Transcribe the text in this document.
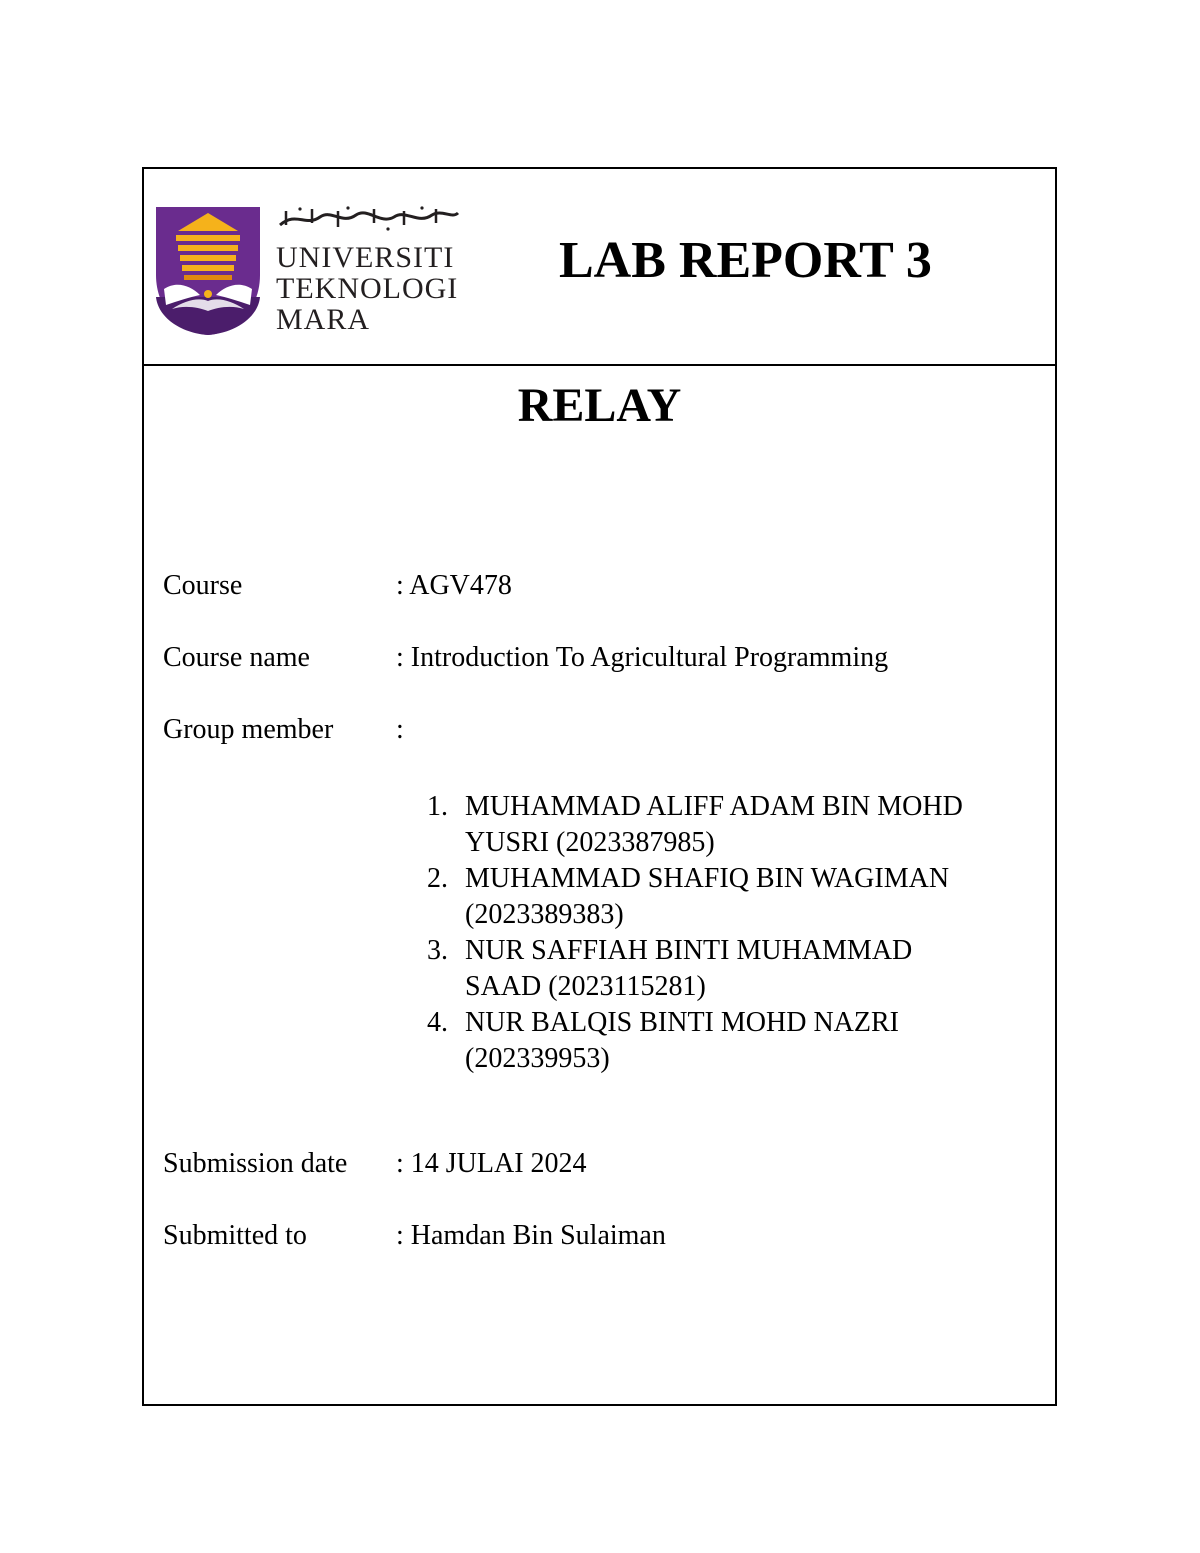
UNIVERSITI
TEKNOLOGI
MARA
LAB REPORT 3
RELAY
Course	: AGV478
Course name	: Introduction To Agricultural Programming
Group member :
1. MUHAMMAD ALIFF ADAM BIN MOHD
YUSRI (2023387985)
2. MUHAMMAD SHAFIQ BIN WAGIMAN
(2023389383)
3. NUR SAFFIAH BINTI MUHAMMAD
SAAD (2023115281)
4. NUR BALQIS BINTI MOHD NAZRI
(202339953)
Submission date : 14 JULAI 2024
Submitted to	: Hamdan Bin Sulaiman
